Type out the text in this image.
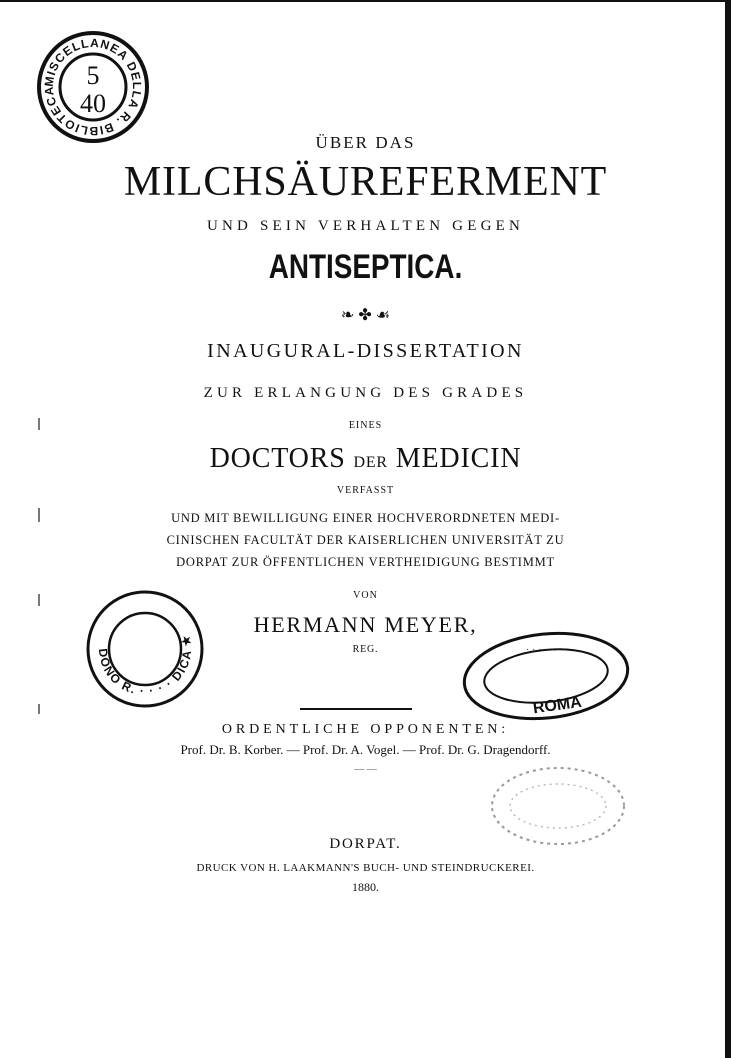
MISCELLANEA DELLA R. BIBLIOTECA
5
40
ÜBER DAS
MILCHSÄUREFERMENT
UND SEIN VERHALTEN GEGEN
ANTISEPTICA.
❧ ✤ ☙
INAUGURAL-DISSERTATION
ZUR ERLANGUNG DES GRADES
EINES
DOCTORS DER MEDICIN
VERFASST
UND MIT BEWILLIGUNG EINER HOCHVERORDNETEN MEDI-
CINISCHEN FACULTÄT DER KAISERLICHEN UNIVERSITÄT ZU
DORPAT ZUR ÖFFENTLICHEN VERTHEIDIGUNG BESTIMMT
VON
HERMANN MEYER,
REG.
ORDENTLICHE OPPONENTEN:
Prof. Dr. B. Korber. — Prof. Dr. A. Vogel. — Prof. Dr. G. Dragendorff.
— —
DORPAT.
DRUCK VON H. LAAKMANN'S BUCH- UND STEINDRUCKEREI.
1880.
DONO R. · · · · DICA ★
· · · · · · ·
ROMA
